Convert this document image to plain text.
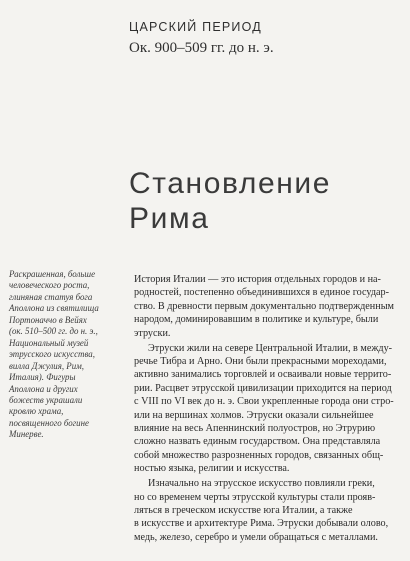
ЦАРСКИЙ ПЕРИОД
Ок. 900–509 гг. до н. э.
Становление
Рима
Раскрашенная, больше
человеческого роста,
глиняная статуя бога
Аполлона из святилища
Портоначчо в Вейях
(ок. 510–500 гг. до н. э.,
Национальный музей
этрусского искусства,
вилла Джулия, Рим,
Италия). Фигуры
Аполлона и других
божеств украшали
кровлю храма,
посвященного богине
Минерве.
История Италии — это история отдельных городов и на-
родностей, постепенно объединившихся в единое государ-
ство. В древности первым документально подтвержденным
народом, доминировавшим в политике и культуре, были
этруски.
Этруски жили на севере Центральной Италии, в между-
речье Тибра и Арно. Они были прекрасными мореходами,
активно занимались торговлей и осваивали новые террито-
рии. Расцвет этрусской цивилизации приходится на период
с VIII по VI век до н. э. Свои укрепленные города они стро-
или на вершинах холмов. Этруски оказали сильнейшее
влияние на весь Апеннинский полуостров, но Этрурию
сложно назвать единым государством. Она представляла
собой множество разрозненных городов, связанных общ-
ностью языка, религии и искусства.
Изначально на этрусское искусство повлияли греки,
но со временем черты этрусской культуры стали прояв-
ляться в греческом искусстве юга Италии, а также
в искусстве и архитектуре Рима. Этруски добывали олово,
медь, железо, серебро и умели обращаться с металлами.
